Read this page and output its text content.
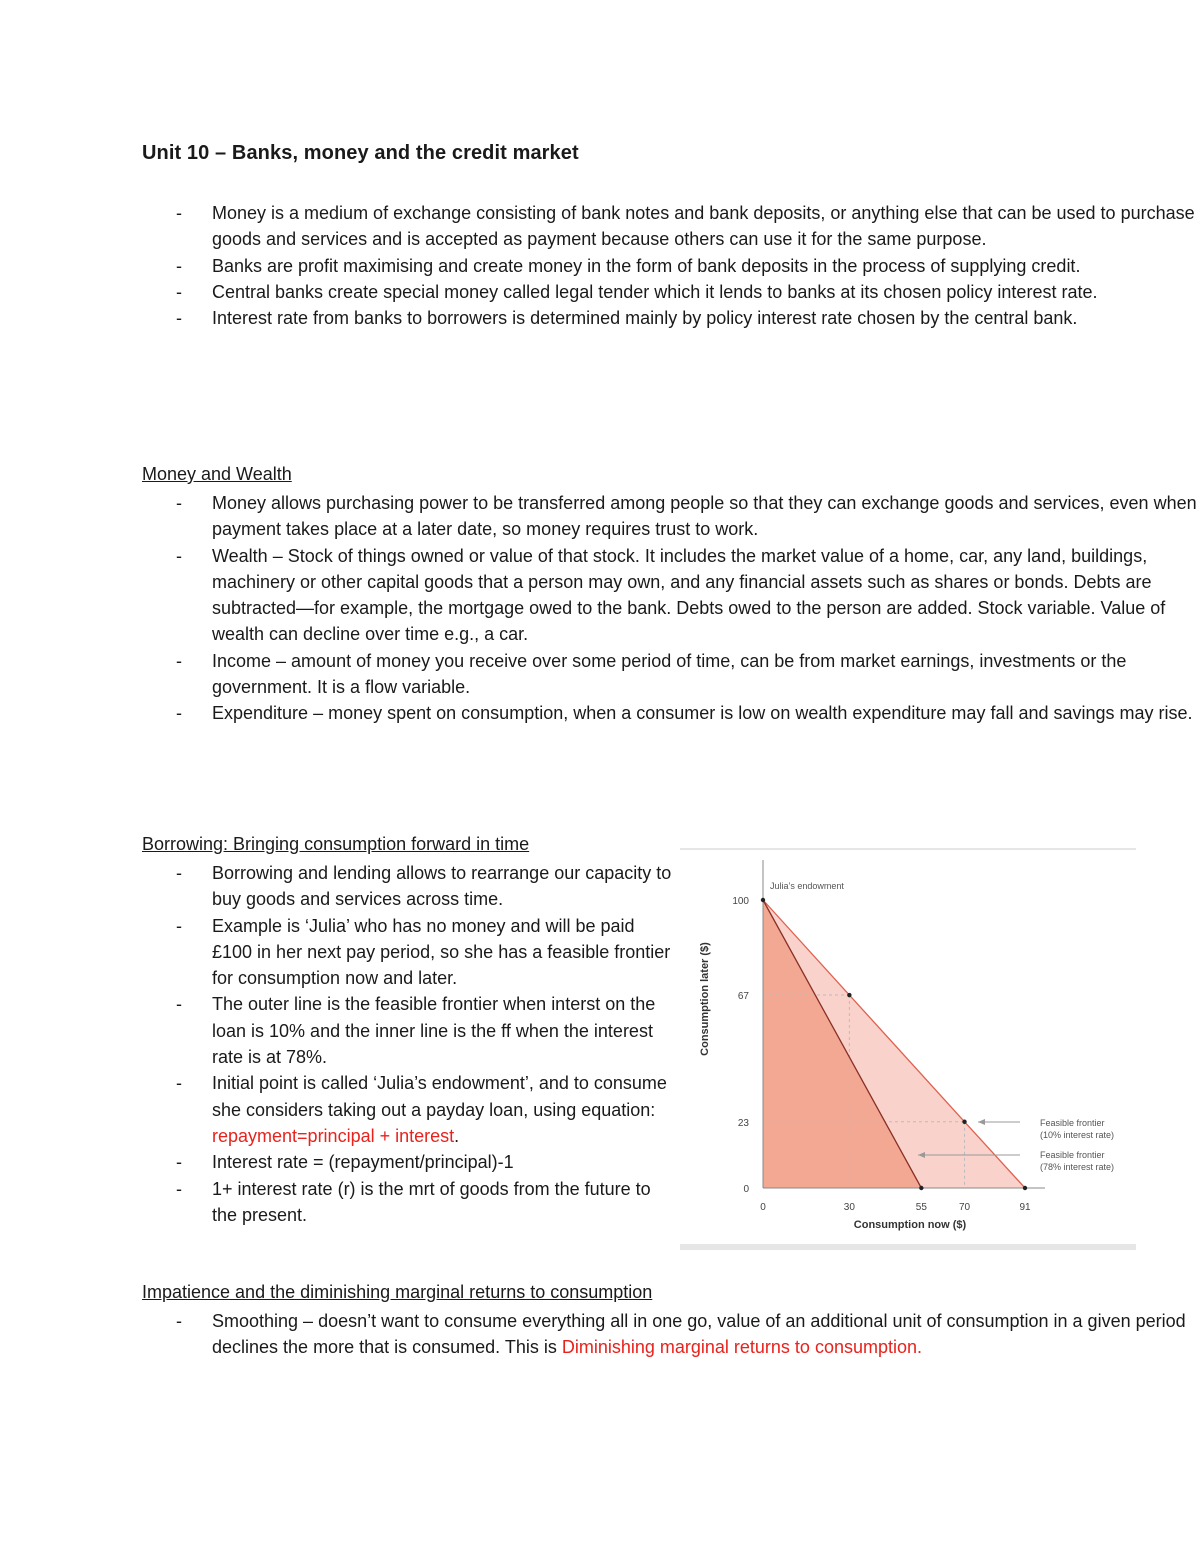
Unit 10 – Banks, money and the credit market
- Money is a medium of exchange consisting of bank notes and bank deposits, or anything else that can be used to purchase goods and services and is accepted as payment because others can use it for the same purpose.
- Banks are profit maximising and create money in the form of bank deposits in the process of supplying credit.
- Central banks create special money called legal tender which it lends to banks at its chosen policy interest rate.
- Interest rate from banks to borrowers is determined mainly by policy interest rate chosen by the central bank.
Money and Wealth
- Money allows purchasing power to be transferred among people so that they can exchange goods and services, even when payment takes place at a later date, so money requires trust to work.
- Wealth – Stock of things owned or value of that stock. It includes the market value of a home, car, any land, buildings, machinery or other capital goods that a person may own, and any financial assets such as shares or bonds. Debts are subtracted—for example, the mortgage owed to the bank. Debts owed to the person are added. Stock variable. Value of wealth can decline over time e.g., a car.
- Income – amount of money you receive over some period of time, can be from market earnings, investments or the government. It is a flow variable.
- Expenditure – money spent on consumption, when a consumer is low on wealth expenditure may fall and savings may rise.
Borrowing: Bringing consumption forward in time
- Borrowing and lending allows to rearrange our capacity to buy goods and services across time.
- Example is ‘Julia’ who has no money and will be paid £100 in her next pay period, so she has a feasible frontier for consumption now and later.
- The outer line is the feasible frontier when interst on the loan is 10% and the inner line is the ff when the interest rate is at 78%.
- Initial point is called ‘Julia’s endowment’, and to consume she considers taking out a payday loan, using equation: repayment=principal + interest.
- Interest rate = (repayment/principal)-1
- 1+ interest rate (r) is the mrt of goods from the future to the present.	0	30	55	70	91
0
23
67
100
Consumption now ($)
Consumption later ($)
Julia’s endowment
Feasible frontier
(10% interest rate)
Feasible frontier
(78% interest rate)
Impatience and the diminishing marginal returns to consumption
- Smoothing – doesn’t want to consume everything all in one go, value of an additional unit of consumption in a given period declines the more that is consumed. This is Diminishing marginal returns to consumption.
